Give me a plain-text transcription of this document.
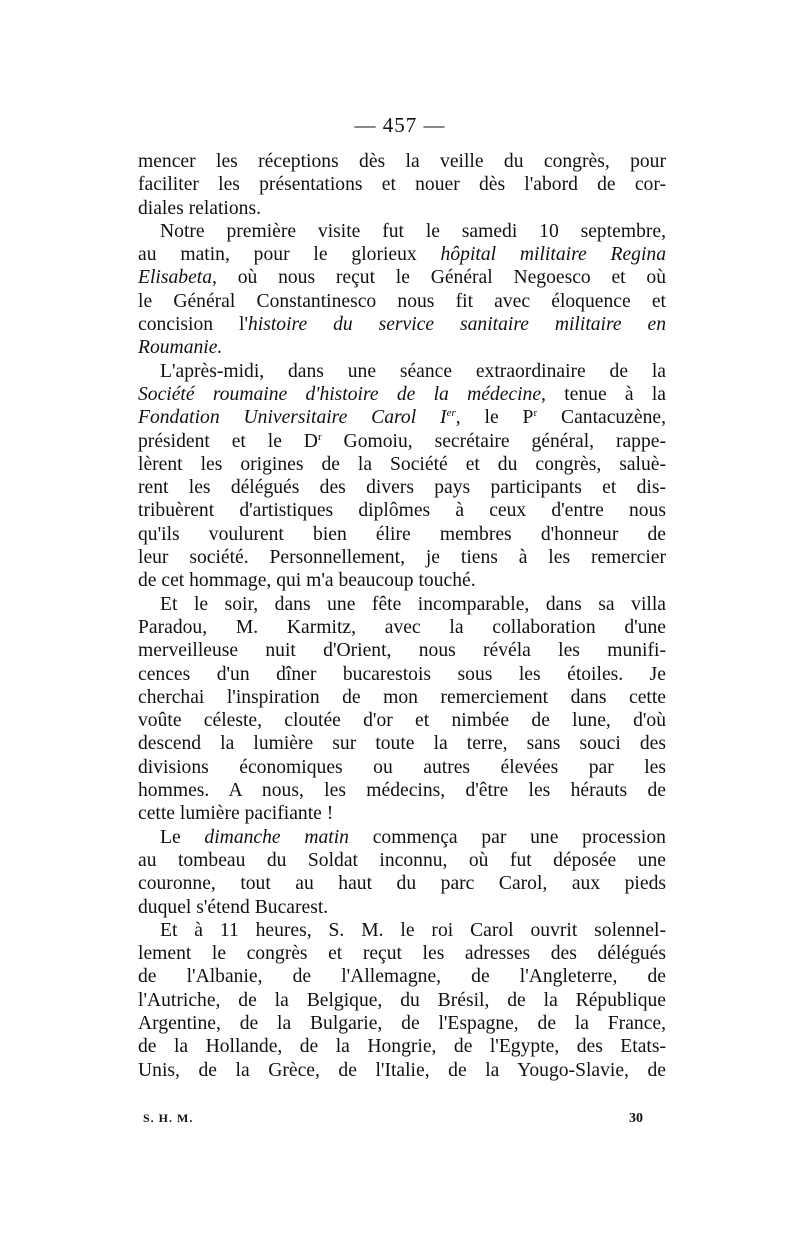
— 457 —
mencer les réceptions dès la veille du congrès, pour
faciliter les présentations et nouer dès l'abord de cor-
diales relations.
Notre première visite fut le samedi 10 septembre,
au matin, pour le glorieux hôpital militaire Regina
Elisabeta, où nous reçut le Général Negoesco et où
le Général Constantinesco nous fit avec éloquence et
concision l'histoire du service sanitaire militaire en
Roumanie.
L'après-midi, dans une séance extraordinaire de la
Société roumaine d'histoire de la médecine, tenue à la
Fondation Universitaire Carol Ier, le $P^r$ Cantacuzène,
président et le $D^r$ Gomoiu, secrétaire général, rappe-
lèrent les origines de la Société et du congrès, saluè-
rent les délégués des divers pays participants et dis-
tribuèrent d'artistiques diplômes à ceux d'entre nous
qu'ils voulurent bien élire membres d'honneur de
leur société. Personnellement, je tiens à les remercier
de cet hommage, qui m'a beaucoup touché.
Et le soir, dans une fête incomparable, dans sa villa
Paradou, M. Karmitz, avec la collaboration d'une
merveilleuse nuit d'Orient, nous révéla les munifi-
cences d'un dîner bucarestois sous les étoiles. Je
cherchai l'inspiration de mon remerciement dans cette
voûte céleste, cloutée d'or et nimbée de lune, d'où
descend la lumière sur toute la terre, sans souci des
divisions économiques ou autres élevées par les
hommes. A nous, les médecins, d'être les hérauts de
cette lumière pacifiante !
Le dimanche matin commença par une procession
au tombeau du Soldat inconnu, où fut déposée une
couronne, tout au haut du parc Carol, aux pieds
duquel s'étend Bucarest.
Et à 11 heures, S. M. le roi Carol ouvrit solennel-
lement le congrès et reçut les adresses des délégués
de l'Albanie, de l'Allemagne, de l'Angleterre, de
l'Autriche, de la Belgique, du Brésil, de la République
Argentine, de la Bulgarie, de l'Espagne, de la France,
de la Hollande, de la Hongrie, de l'Egypte, des Etats-
Unis, de la Grèce, de l'Italie, de la Yougo-Slavie, de
S. H. M.	30
